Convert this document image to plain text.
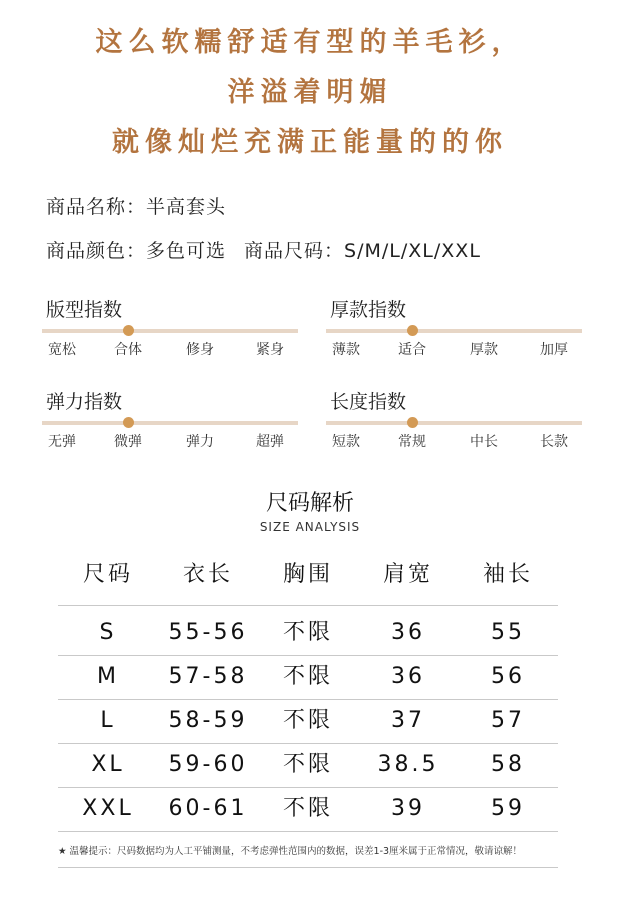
这么软糯舒适有型的羊毛衫，
洋溢着明媚
就像灿烂充满正能量的的你
商品名称：半高套头
商品颜色：多色可选 商品尺码：S/M/L/XL/XXL
版型指数
宽松	合体	修身	紧身
厚款指数
薄款	适合	厚款	加厚
弹力指数
无弹	微弹	弹力	超弹
长度指数
短款	常规	中长	长款
尺码解析
SIZE ANALYSIS
尺码	衣长	胸围	肩宽	袖长
S	55-56	不限	36	55
M	57-58	不限	36	56
L	58-59	不限	37	57
XL	59-60	不限	38.5	58
XXL	60-61	不限	39	59
★ 温馨提示：尺码数据均为人工平铺测量，不考虑弹性范围内的数据，误差1-3厘米属于正常情况，敬请谅解！
